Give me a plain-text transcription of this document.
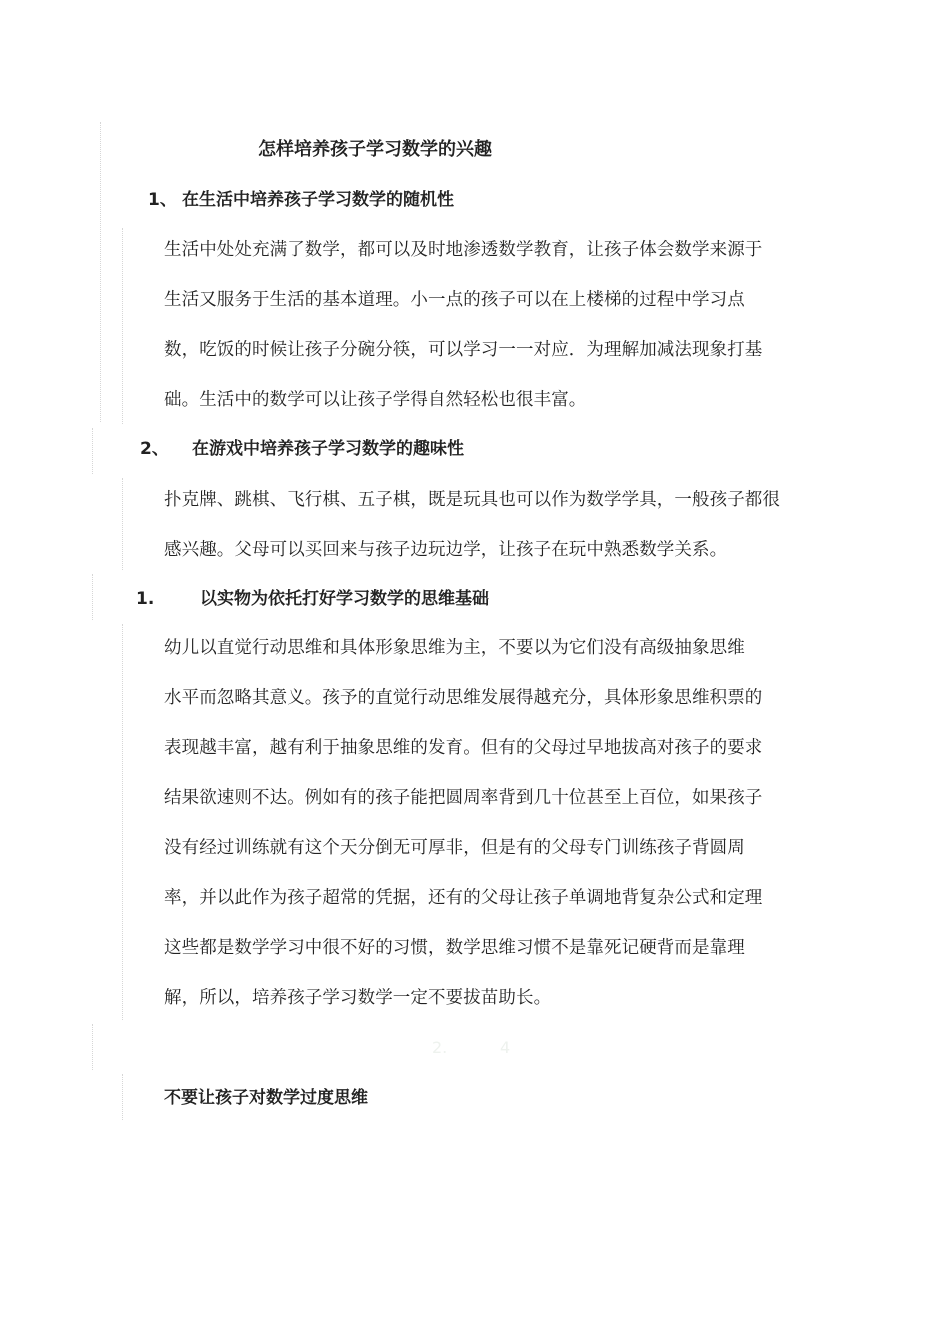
怎样培养孩子学习数学的兴趣
1、 在生活中培养孩子学习数学的随机性
生活中处处充满了数学，都可以及时地渗透数学教育，让孩子体会数学来源于
生活又服务于生活的基本道理。小一点的孩子可以在上楼梯的过程中学习点
数，吃饭的时候让孩子分碗分筷，可以学习一一对应．为理解加减法现象打基
础。生活中的数学可以让孩子学得自然轻松也很丰富。
2、 在游戏中培养孩子学习数学的趣味性
扑克牌、跳棋、飞行棋、五子棋，既是玩具也可以作为数学学具，一般孩子都很
感兴趣。父母可以买回来与孩子边玩边学，让孩子在玩中熟悉数学关系。
1.	以实物为依托打好学习数学的思维基础
幼儿以直觉行动思维和具体形象思维为主，不要以为它们没有高级抽象思维
水平而忽略其意义。孩予的直觉行动思维发展得越充分，具体形象思维积票的
表现越丰富，越有利于抽象思维的发育。但有的父母过早地拔高对孩子的要求
结果欲速则不达。例如有的孩子能把圆周率背到几十位甚至上百位，如果孩子
没有经过训练就有这个天分倒无可厚非，但是有的父母专门训练孩子背圆周
率，并以此作为孩子超常的凭据，还有的父母让孩子单调地背复杂公式和定理
这些都是数学学习中很不好的习惯，数学思维习惯不是靠死记硬背而是靠理
解，所以，培养孩子学习数学一定不要拔苗助长。
2.	4
不要让孩子对数学过度思维
